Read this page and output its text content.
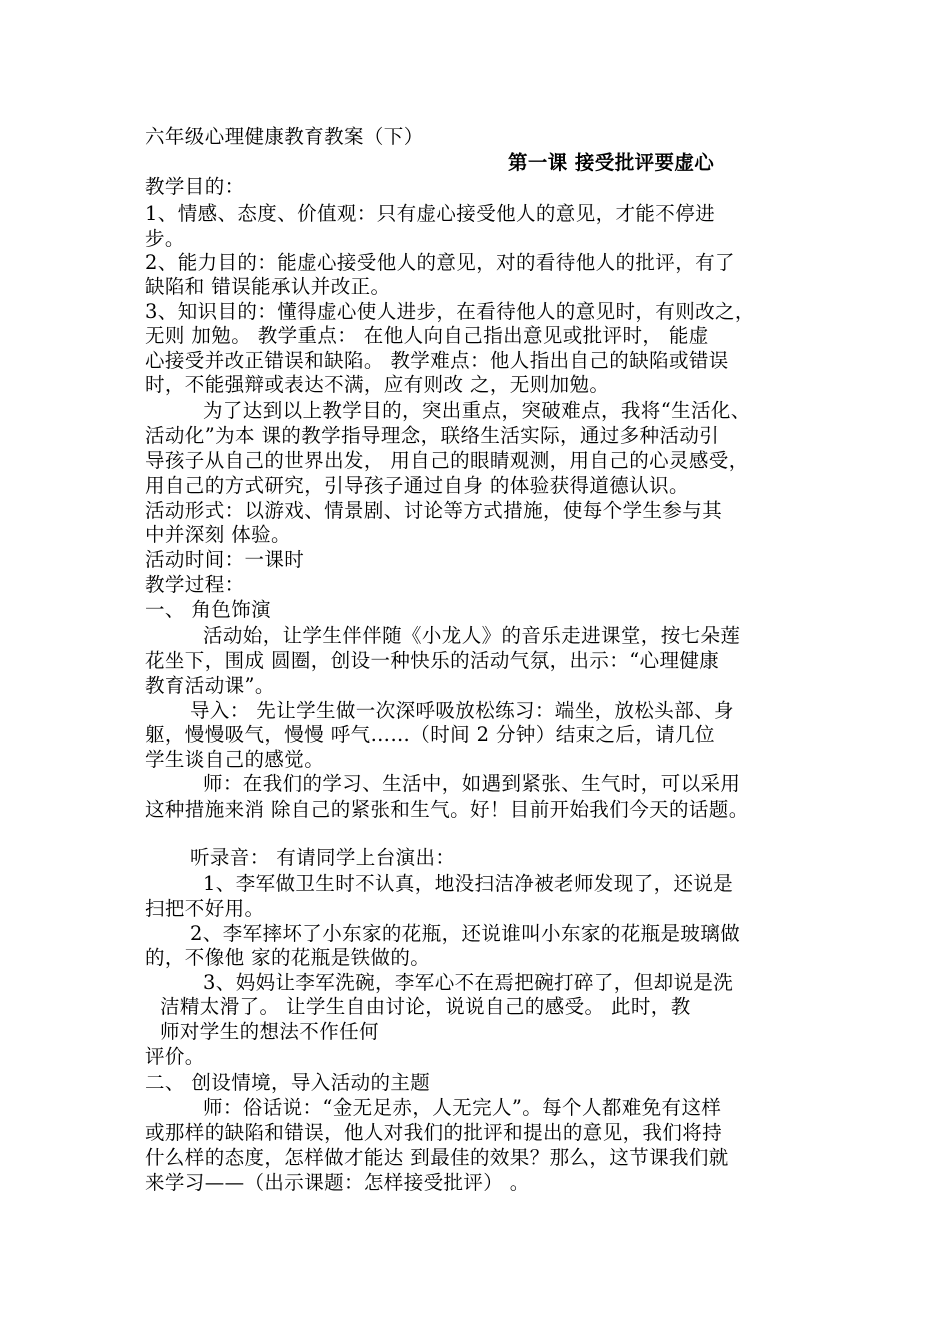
六年级心理健康教育教案（下）
第一课 接受批评要虚心
教学目的：
1、情感、态度、价值观：只有虚心接受他人的意见，才能不停进
步。
2、能力目的：能虚心接受他人的意见，对的看待他人的批评，有了
缺陷和 错误能承认并改正。
3、知识目的：懂得虚心使人进步，在看待他人的意见时，有则改之，
无则 加勉。 教学重点： 在他人向自己指出意见或批评时， 能虚
心接受并改正错误和缺陷。 教学难点：他人指出自己的缺陷或错误
时，不能强辩或表达不满，应有则改 之，无则加勉。
为了达到以上教学目的，突出重点，突破难点，我将“生活化、
活动化”为本 课的教学指导理念，联络生活实际，通过多种活动引
导孩子从自己的世界出发， 用自己的眼睛观测，用自己的心灵感受，
用自己的方式研究，引导孩子通过自身 的体验获得道德认识。
活动形式：以游戏、情景剧、讨论等方式措施，使每个学生参与其
中并深刻 体验。
活动时间：一课时
教学过程：
一、 角色饰演
活动始，让学生伴伴随《小龙人》的音乐走进课堂，按七朵莲
花坐下，围成 圆圈，创设一种快乐的活动气氛，出示：“心理健康
教育活动课”。
导入： 先让学生做一次深呼吸放松练习：端坐，放松头部、身
躯，慢慢吸气，慢慢 呼气……（时间 2 分钟）结束之后，请几位
学生谈自己的感觉。
师：在我们的学习、生活中，如遇到紧张、生气时，可以采用
这种措施来消 除自己的紧张和生气。好！目前开始我们今天的话题。
听录音： 有请同学上台演出：
1、李军做卫生时不认真，地没扫洁净被老师发现了，还说是
扫把不好用。
2、李军摔坏了小东家的花瓶，还说谁叫小东家的花瓶是玻璃做
的，不像他 家的花瓶是铁做的。
3、妈妈让李军洗碗，李军心不在焉把碗打碎了，但却说是洗
洁精太滑了。 让学生自由讨论，说说自己的感受。 此时，教
师对学生的想法不作任何
评价。
二、 创设情境，导入活动的主题
师：俗话说：“金无足赤，人无完人”。每个人都难免有这样
或那样的缺陷和错误，他人对我们的批评和提出的意见，我们将持
什么样的态度，怎样做才能达 到最佳的效果？那么，这节课我们就
来学习——（出示课题：怎样接受批评） 。
